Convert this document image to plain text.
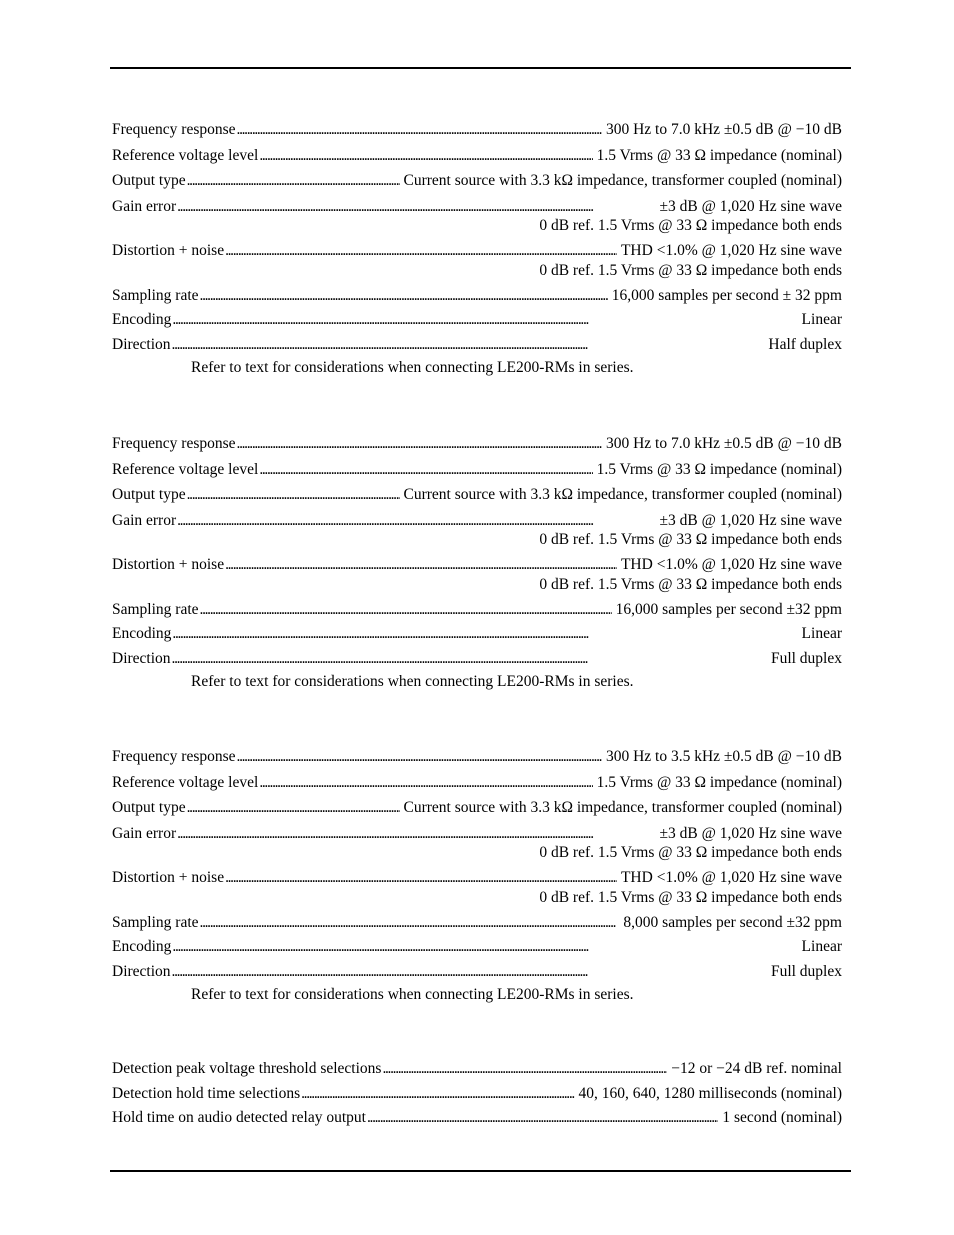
Frequency response . . .	300 Hz to 7.0 kHz ±0.5 dB @ −10 dB
Reference voltage level . . .	1.5 Vrms @ 33 Ω impedance (nominal)
Output type . . .	Current source with 3.3 kΩ impedance, transformer coupled (nominal)
Gain error . . .	±3 dB @ 1,020 Hz sine wave
0 dB ref. 1.5 Vrms @ 33 Ω impedance both ends
Distortion + noise . . .	THD <1.0% @ 1,020 Hz sine wave
0 dB ref. 1.5 Vrms @ 33 Ω impedance both ends
Sampling rate . . .	16,000 samples per second ± 32 ppm
Encoding . . .	Linear
Direction . . .	Half duplex
Refer to text for considerations when connecting LE200-RMs in series.
Frequency response . . .	300 Hz to 7.0 kHz ±0.5 dB @ −10 dB
Reference voltage level . . .	1.5 Vrms @ 33 Ω impedance (nominal)
Output type . . .	Current source with 3.3 kΩ impedance, transformer coupled (nominal)
Gain error . . .	±3 dB @ 1,020 Hz sine wave
0 dB ref. 1.5 Vrms @ 33 Ω impedance both ends
Distortion + noise . . .	THD <1.0% @ 1,020 Hz sine wave
0 dB ref. 1.5 Vrms @ 33 Ω impedance both ends
Sampling rate . . .	16,000 samples per second ±32 ppm
Encoding . . .	Linear
Direction . . .	Full duplex
Refer to text for considerations when connecting LE200-RMs in series.
Frequency response . . .	300 Hz to 3.5 kHz ±0.5 dB @ −10 dB
Reference voltage level . . .	1.5 Vrms @ 33 Ω impedance (nominal)
Output type . . .	Current source with 3.3 kΩ impedance, transformer coupled (nominal)
Gain error . . .	±3 dB @ 1,020 Hz sine wave
0 dB ref. 1.5 Vrms @ 33 Ω impedance both ends
Distortion + noise . . .	THD <1.0% @ 1,020 Hz sine wave
0 dB ref. 1.5 Vrms @ 33 Ω impedance both ends
Sampling rate . . .	8,000 samples per second ±32 ppm
Encoding . . .	Linear
Direction . . .	Full duplex
Refer to text for considerations when connecting LE200-RMs in series.
Detection peak voltage threshold selections . . .	−12 or −24 dB ref. nominal
Detection hold time selections . . .	40, 160, 640, 1280 milliseconds (nominal)
Hold time on audio detected relay output . . .	1 second (nominal)
